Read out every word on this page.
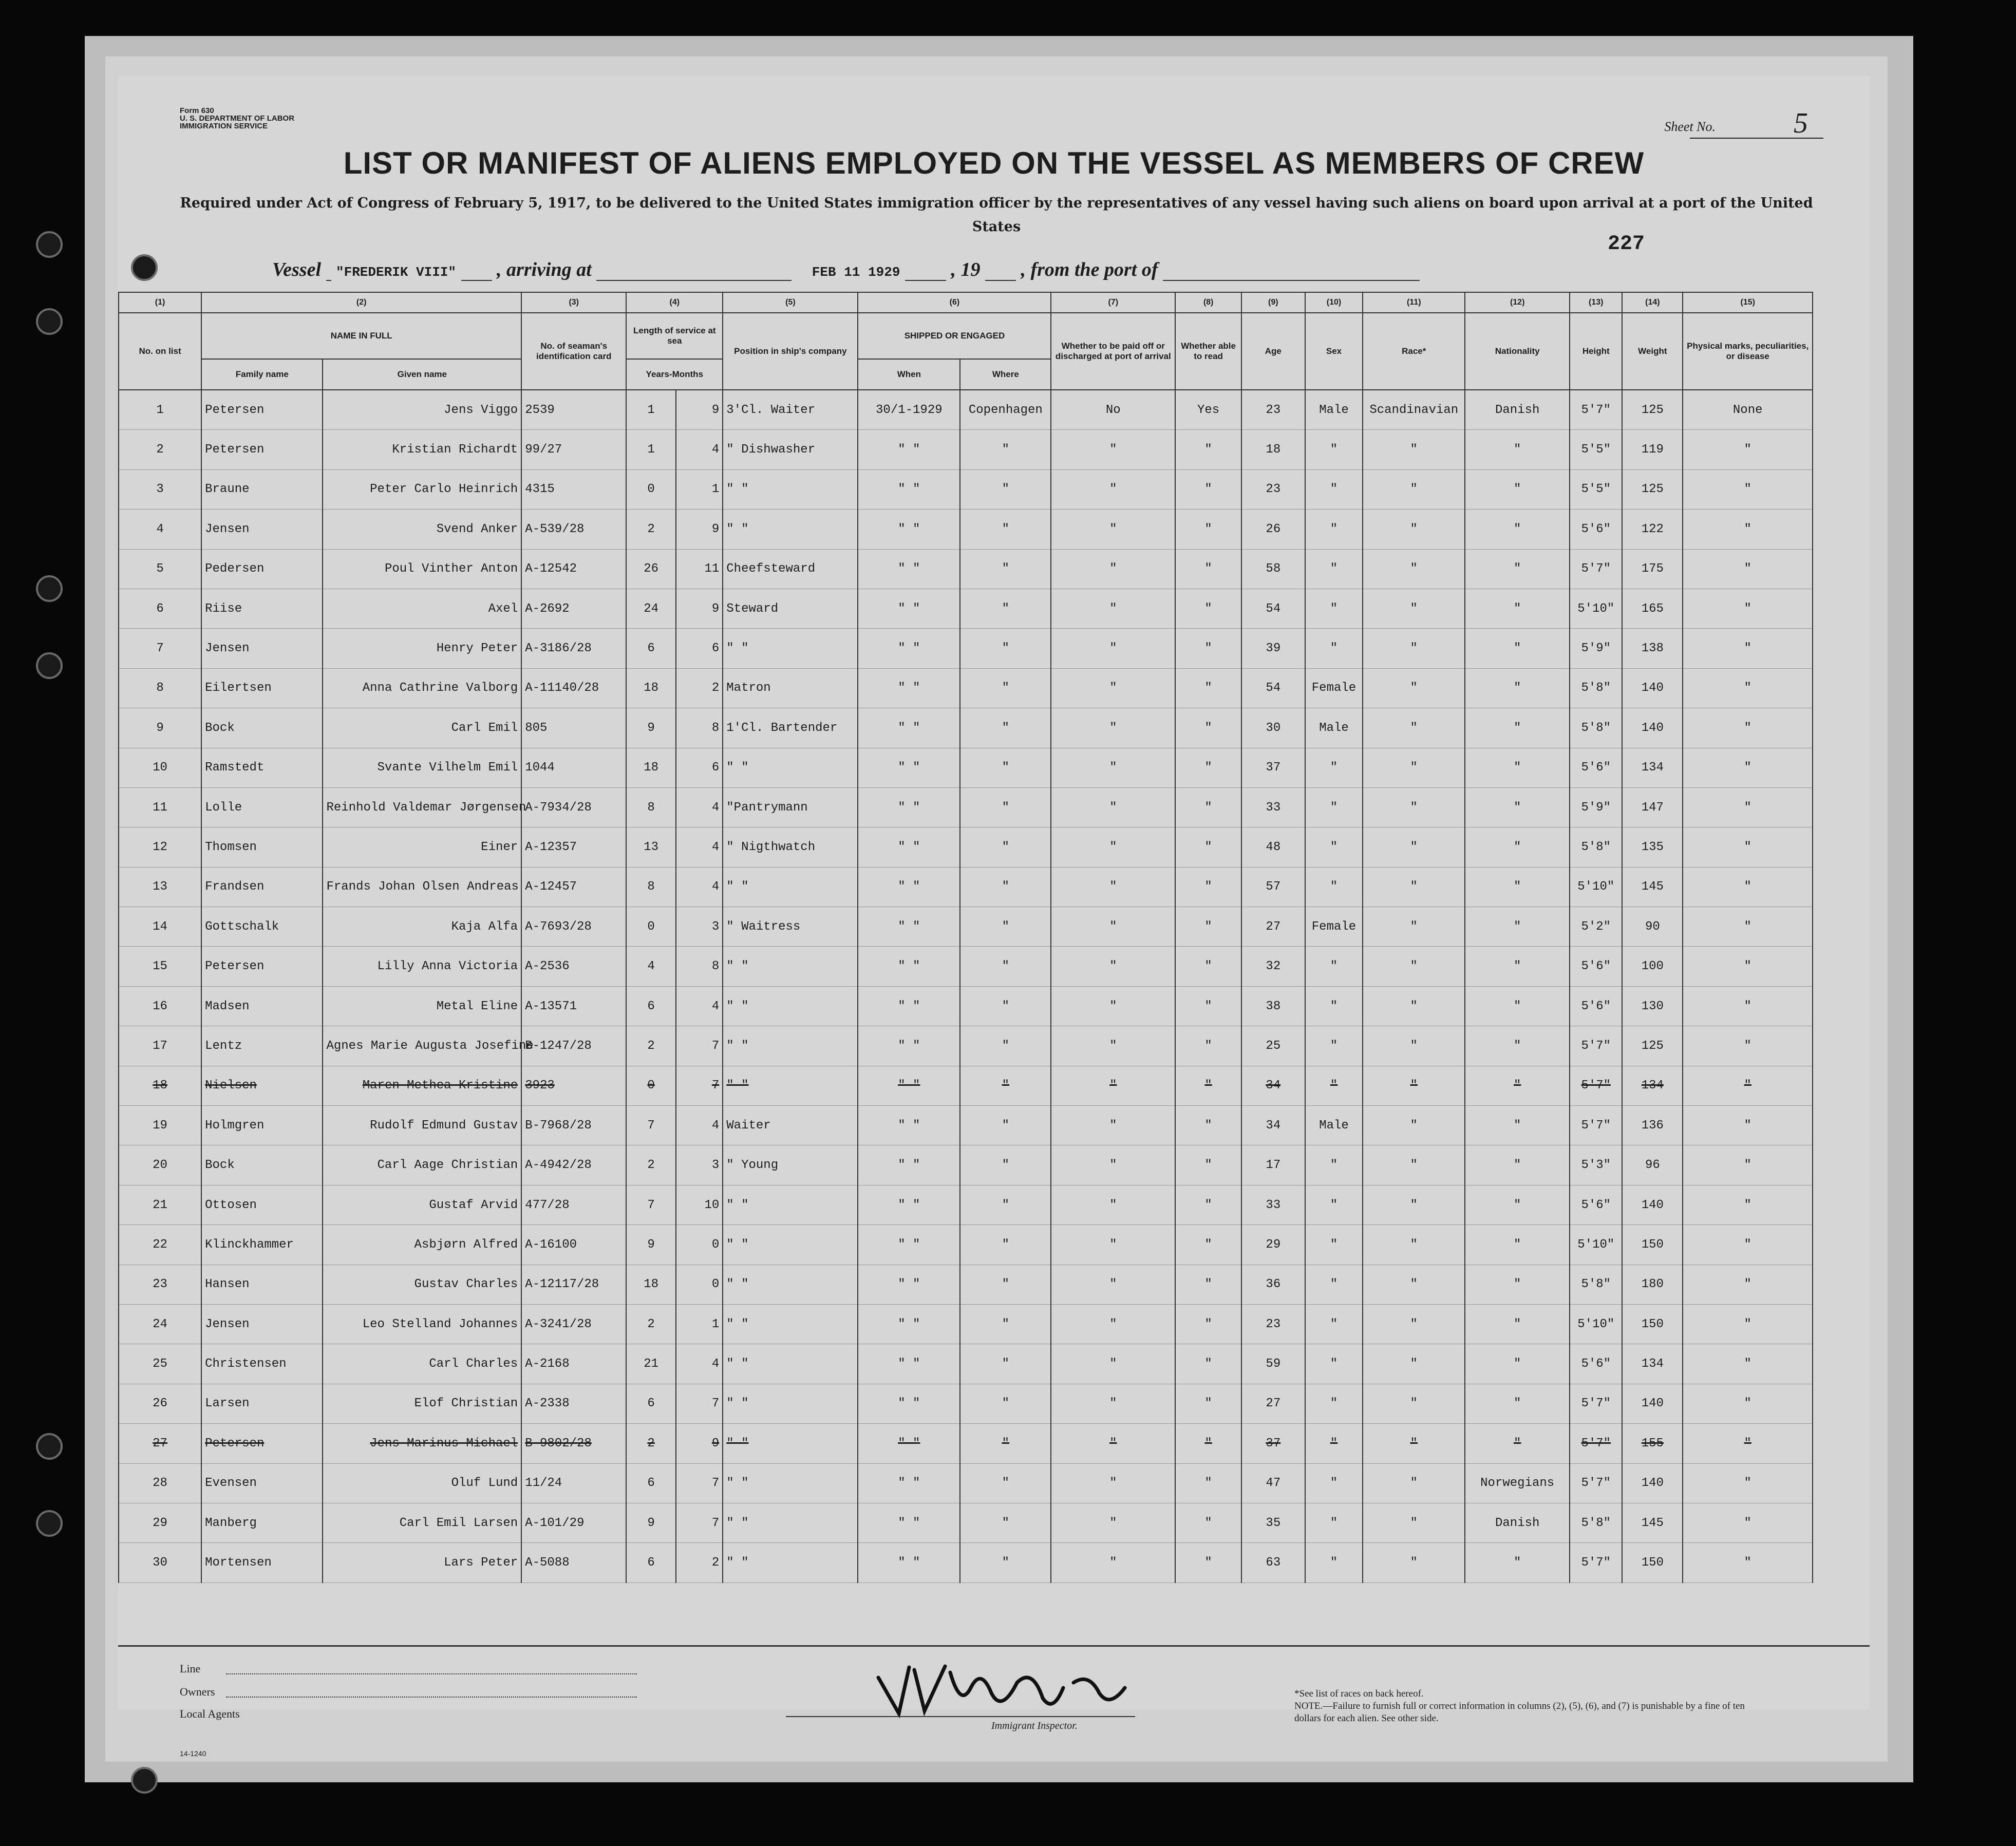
Form 630
U. S. DEPARTMENT OF LABOR
IMMIGRATION SERVICE	Sheet No.	5
LIST OR MANIFEST OF ALIENS EMPLOYED ON THE VESSEL AS MEMBERS OF CREW
Required under Act of Congress of February 5, 1917, to be delivered to the United States immigration officer by the representatives of any vessel having such aliens on board upon arrival at a port of the United States
227
Vessel "FREDERIK VIII" , arriving at	FEB 11 1929	, 19 , from the port of
(1)	(2)		(3)	(4)		(5)	(6)		(7)	(8)	(9)	(10)	(11)	(12)	(13)	(14)	(15)
No. on list	NAME IN FULL		No. of seaman's identification card	Length of service at sea		Position in ship's company	SHIPPED OR ENGAGED		Whether to be paid off or discharged at port of arrival	Whether able to read	Age	Sex	Race*	Nationality	Height	Weight	Physical marks, peculiarities, or disease
	Family name	Given name		Years-Months			When	Where									
1	Petersen	Jens Viggo	2539	1	9	3'Cl. Waiter	30/1-1929	Copenhagen	No	Yes	23	Male	Scandinavian	Danish	5'7"	125	None
2	Petersen	Kristian Richardt	99/27	1	4	" Dishwasher	" "	"	"	"	18	"	"	"	5'5"	119	"
3	Braune	Peter Carlo Heinrich	4315	0	1	" "	" "	"	"	"	23	"	"	"	5'5"	125	"
4	Jensen	Svend Anker	A-539/28	2	9	" "	" "	"	"	"	26	"	"	"	5'6"	122	"
5	Pedersen	Poul Vinther Anton	A-12542	26	11	Cheefsteward	" "	"	"	"	58	"	"	"	5'7"	175	"
6	Riise	Axel	A-2692	24	9	Steward	" "	"	"	"	54	"	"	"	5'10"	165	"
7	Jensen	Henry Peter	A-3186/28	6	6	" "	" "	"	"	"	39	"	"	"	5'9"	138	"
8	Eilertsen	Anna Cathrine Valborg	A-11140/28	18	2	Matron	" "	"	"	"	54	Female	"	"	5'8"	140	"
9	Bock	Carl Emil	805	9	8	1'Cl. Bartender	" "	"	"	"	30	Male	"	"	5'8"	140	"
10	Ramstedt	Svante Vilhelm Emil	1044	18	6	" "	" "	"	"	"	37	"	"	"	5'6"	134	"
11	Lolle	Reinhold Valdemar Jørgensen	A-7934/28	8	4	"Pantrymann	" "	"	"	"	33	"	"	"	5'9"	147	"
12	Thomsen	Einer	A-12357	13	4	" Nigthwatch	" "	"	"	"	48	"	"	"	5'8"	135	"
13	Frandsen	Frands Johan Olsen Andreas	A-12457	8	4	" "	" "	"	"	"	57	"	"	"	5'10"	145	"
14	Gottschalk	Kaja Alfa	A-7693/28	0	3	" Waitress	" "	"	"	"	27	Female	"	"	5'2"	90	"
15	Petersen	Lilly Anna Victoria	A-2536	4	8	" "	" "	"	"	"	32	"	"	"	5'6"	100	"
16	Madsen	Metal Eline	A-13571	6	4	" "	" "	"	"	"	38	"	"	"	5'6"	130	"
17	Lentz	Agnes Marie Augusta Josefine	B-1247/28	2	7	" "	" "	"	"	"	25	"	"	"	5'7"	125	"
18	Nielsen	Maren Methea Kristine	3923	0	7	" "	" "	"	"	"	34	"	"	"	5'7"	134	"
19	Holmgren	Rudolf Edmund Gustav	B-7968/28	7	4	Waiter	" "	"	"	"	34	Male	"	"	5'7"	136	"
20	Bock	Carl Aage Christian	A-4942/28	2	3	" Young	" "	"	"	"	17	"	"	"	5'3"	96	"
21	Ottosen	Gustaf Arvid	477/28	7	10	" "	" "	"	"	"	33	"	"	"	5'6"	140	"
22	Klinckhammer	Asbjørn Alfred	A-16100	9	0	" "	" "	"	"	"	29	"	"	"	5'10"	150	"
23	Hansen	Gustav Charles	A-12117/28	18	0	" "	" "	"	"	"	36	"	"	"	5'8"	180	"
24	Jensen	Leo Stelland Johannes	A-3241/28	2	1	" "	" "	"	"	"	23	"	"	"	5'10"	150	"
25	Christensen	Carl Charles	A-2168	21	4	" "	" "	"	"	"	59	"	"	"	5'6"	134	"
26	Larsen	Elof Christian	A-2338	6	7	" "	" "	"	"	"	27	"	"	"	5'7"	140	"
27	Petersen	Jens Marinus Michael	B-9802/28	2	9	" "	" "	"	"	"	37	"	"	"	5'7"	155	"
28	Evensen	Oluf Lund	11/24	6	7	" "	" "	"	"	"	47	"	"	Norwegians	5'7"	140	"
29	Manberg	Carl Emil Larsen	A-101/29	9	7	" "	" "	"	"	"	35	"	"	Danish	5'8"	145	"
30	Mortensen	Lars Peter	A-5088	6	2	" "	" "	"	"	"	63	"	"	"	5'7"	150	"
Line
Owners
Local Agents
14-1240
Immigrant Inspector.
*See list of races on back hereof.
NOTE.—Failure to furnish full or correct information in columns (2), (5), (6), and (7) is punishable by a fine of ten dollars for each alien. See other side.
